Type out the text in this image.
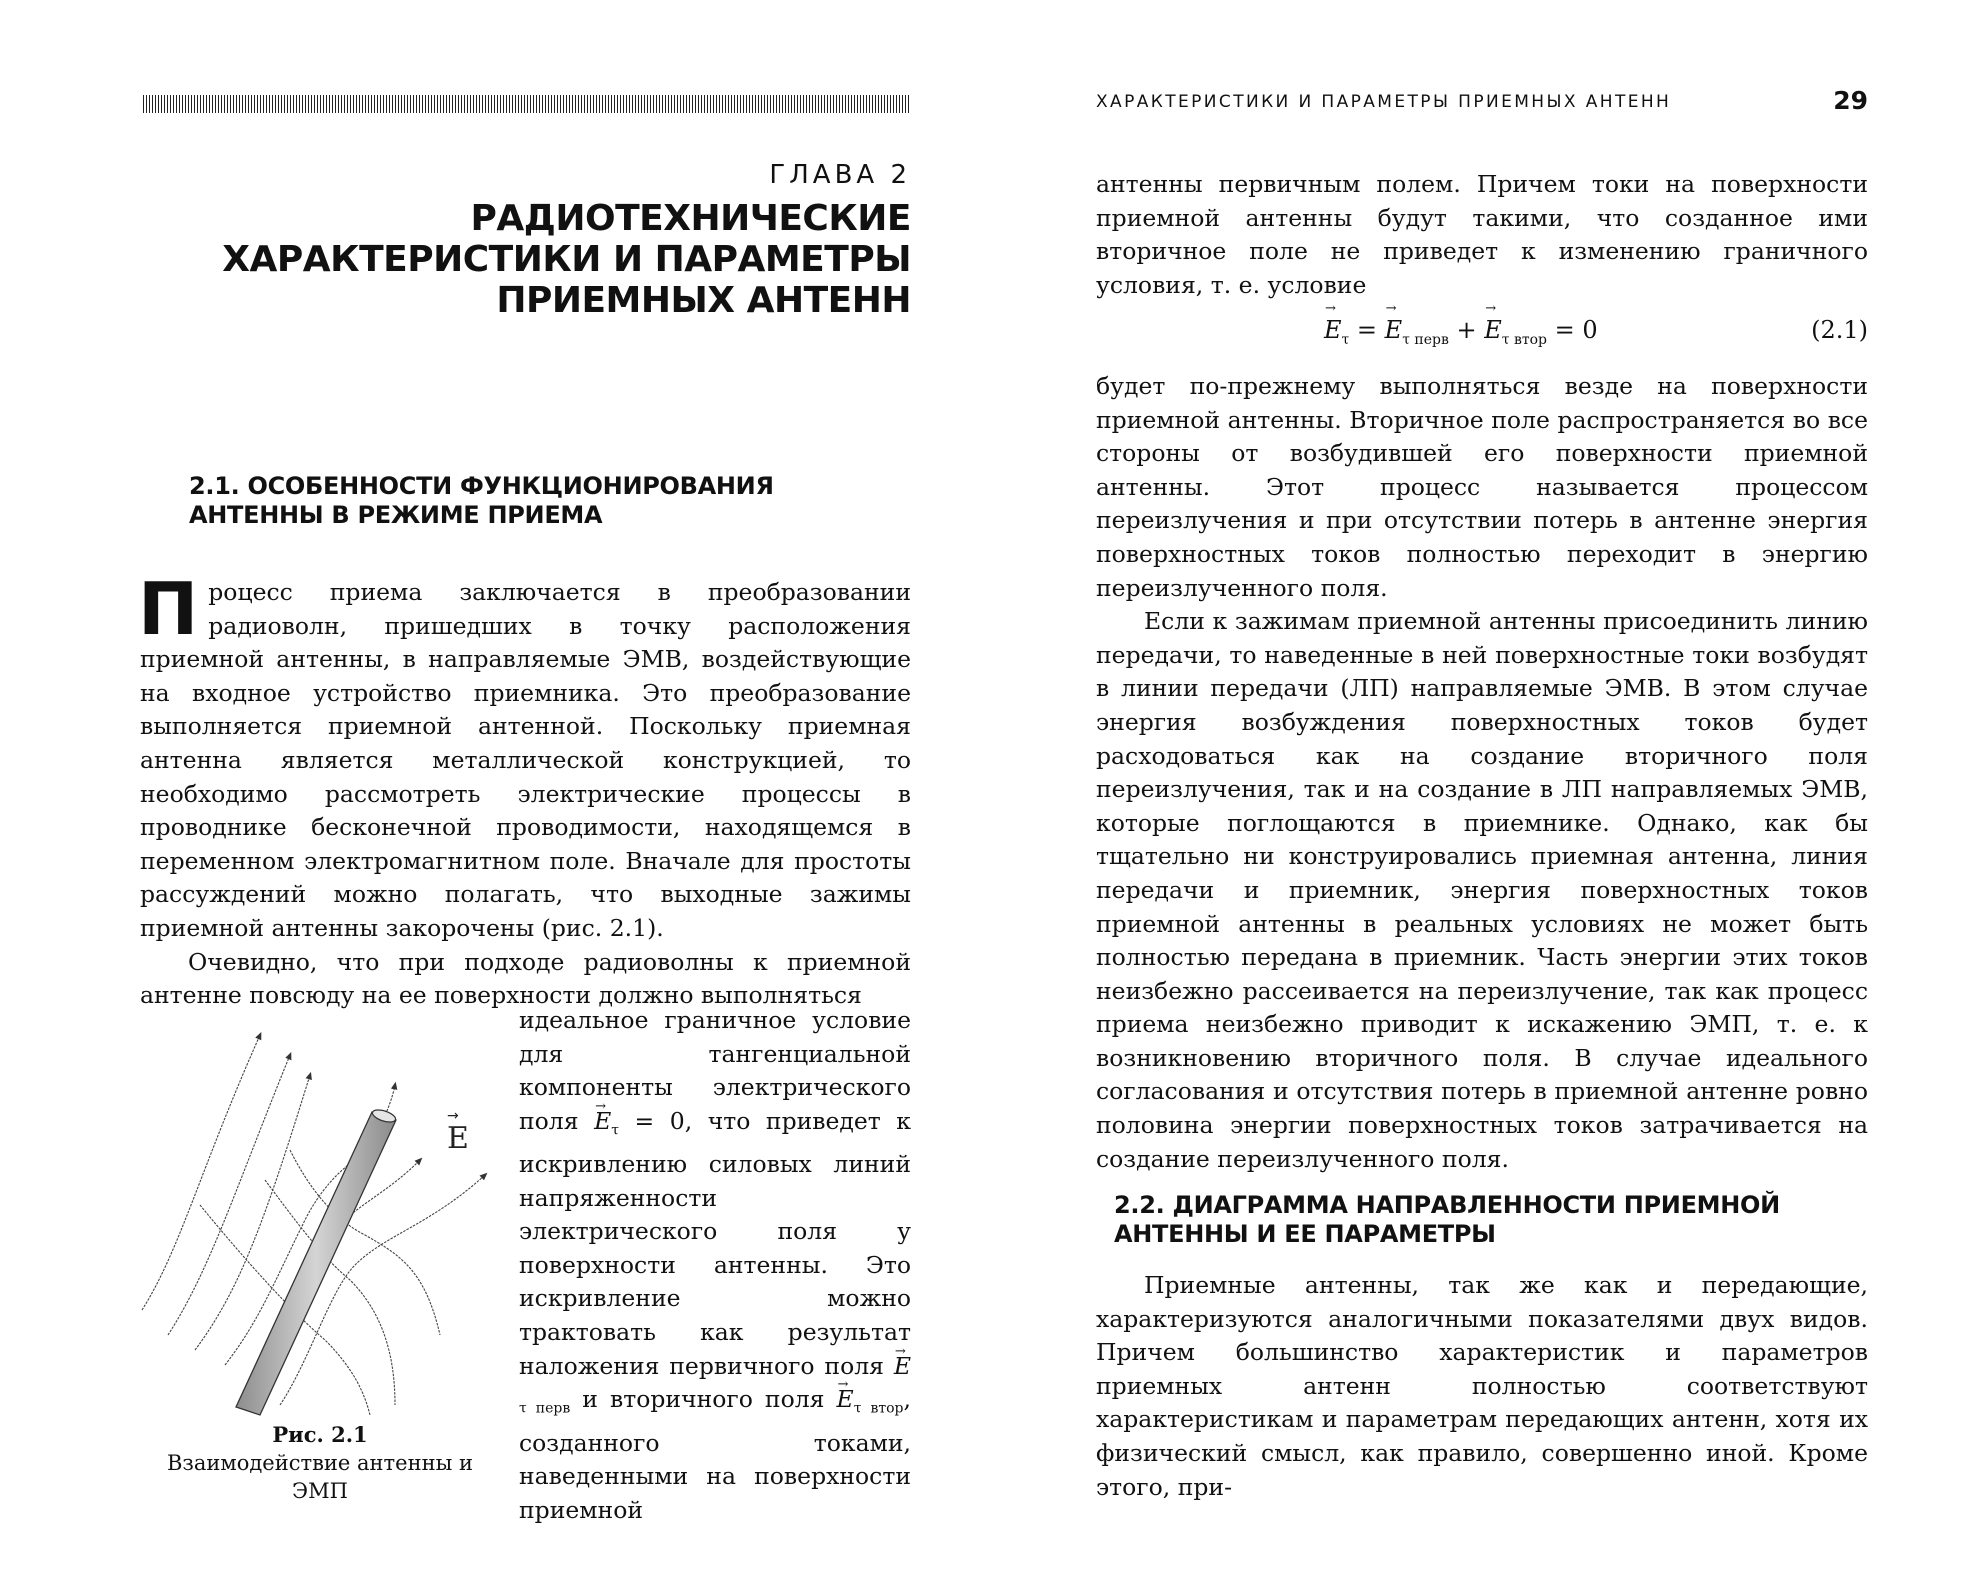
ГЛАВА 2
РАДИОТЕХНИЧЕСКИЕ
ХАРАКТЕРИСТИКИ И ПАРАМЕТРЫ
ПРИЕМНЫХ АНТЕНН
2.1. ОСОБЕННОСТИ ФУНКЦИОНИРОВАНИЯ
АНТЕННЫ В РЕЖИМЕ ПРИЕМА

Процесс приема заключается в преобразовании радиоволн, пришедших в точку расположения приемной антенны, в направляемые ЭМВ, воздействующие на входное устройство приемника. Это преобразование выполняется приемной антенной. Поскольку приемная антенна является металлической конструкцией, то необходимо рассмотреть электрические процессы в проводнике бесконечной проводимости, находящемся в переменном электромагнитном поле. Вначале для простоты рассуждений можно полагать, что выходные зажимы приемной антенны закорочены (рис. 2.1).

Очевидно, что при подходе радиоволны к приемной антенне повсюду на ее поверхности должно выполняться

E
→
Рис. 2.1
Взаимодействие антенны и ЭМП

идеальное граничное условие для тангенциальной компоненты электрического поля → $E_\tau = 0$, что приведет к искривлению силовых линий напряженности электрического поля у поверхности антенны. Это искривление можно трактовать как результат наложения первичного поля → $E_{\tau перв}$ и вторичного поля → $E_{\tau втор}$, созданного токами, наведенными на поверхности приемной

ХАРАКТЕРИСТИКИ И ПАРАМЕТРЫ ПРИЕМНЫХ АНТЕНН	29

антенны первичным полем. Причем токи на поверхности приемной антенны будут такими, что созданное ими вторичное поле не приведет к изменению граничного условия, т. е. условие

→ $E_\tau$ = → $E_{\tau перв}$ + → $E_{\tau втор} = 0$	(2.1)

будет по-прежнему выполняться везде на поверхности приемной антенны. Вторичное поле распространяется во все стороны от возбудившей его поверхности приемной антенны. Этот процесс называется процессом переизлучения и при отсутствии потерь в антенне энергия поверхностных токов полностью переходит в энергию переизлученного поля.

Если к зажимам приемной антенны присоединить линию передачи, то наведенные в ней поверхностные токи возбудят в линии передачи (ЛП) направляемые ЭМВ. В этом случае энергия возбуждения поверхностных токов будет расходоваться как на создание вторичного поля переизлучения, так и на создание в ЛП направляемых ЭМВ, которые поглощаются в приемнике. Однако, как бы тщательно ни конструировались приемная антенна, линия передачи и приемник, энергия поверхностных токов приемной антенны в реальных условиях не может быть полностью передана в приемник. Часть энергии этих токов неизбежно рассеивается на переизлучение, так как процесс приема неизбежно приводит к искажению ЭМП, т. е. к возникновению вторичного поля. В случае идеального согласования и отсутствия потерь в приемной антенне ровно половина энергии поверхностных токов затрачивается на создание переизлученного поля.

2.2. ДИАГРАММА НАПРАВЛЕННОСТИ ПРИЕМНОЙ
АНТЕННЫ И ЕЕ ПАРАМЕТРЫ

Приемные антенны, так же как и передающие, характеризуются аналогичными показателями двух видов. Причем большинство характеристик и параметров приемных антенн полностью соответствуют характеристикам и параметрам передающих антенн, хотя их физический смысл, как правило, совершенно иной. Кроме этого, при-
